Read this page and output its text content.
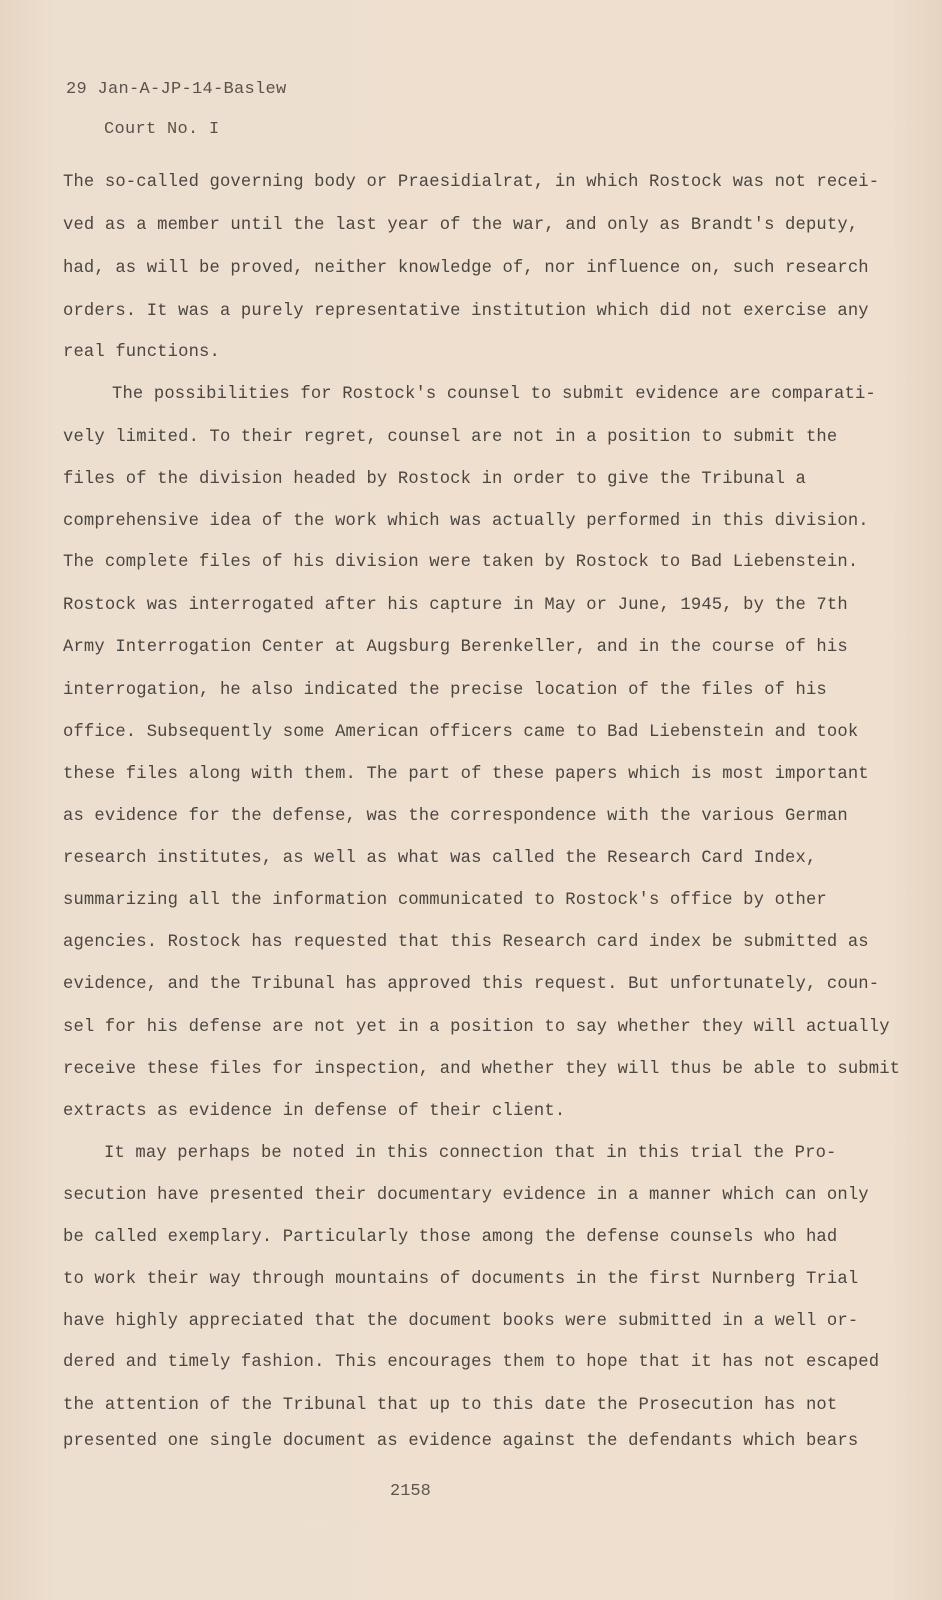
29 Jan-A-JP-14-Baslew
Court No. I
The so-called governing body or Praesidialrat, in which Rostock was not recei-
ved as a member until the last year of the war, and only as Brandt's deputy,
had, as will be proved, neither knowledge of, nor influence on, such research
orders. It was a purely representative institution which did not exercise any
real functions.
The possibilities for Rostock's counsel to submit evidence are comparati-
vely limited. To their regret, counsel are not in a position to submit the
files of the division headed by Rostock in order to give the Tribunal a
comprehensive idea of the work which was actually performed in this division.
The complete files of his division were taken by Rostock to Bad Liebenstein.
Rostock was interrogated after his capture in May or June, 1945, by the 7th
Army Interrogation Center at Augsburg Berenkeller, and in the course of his
interrogation, he also indicated the precise location of the files of his
office. Subsequently some American officers came to Bad Liebenstein and took
these files along with them. The part of these papers which is most important
as evidence for the defense, was the correspondence with the various German
research institutes, as well as what was called the Research Card Index,
summarizing all the information communicated to Rostock's office by other
agencies. Rostock has requested that this Research card index be submitted as
evidence, and the Tribunal has approved this request. But unfortunately, coun-
sel for his defense are not yet in a position to say whether they will actually
receive these files for inspection, and whether they will thus be able to submit
extracts as evidence in defense of their client.
It may perhaps be noted in this connection that in this trial the Pro-
secution have presented their documentary evidence in a manner which can only
be called exemplary. Particularly those among the defense counsels who had
to work their way through mountains of documents in the first Nurnberg Trial
have highly appreciated that the document books were submitted in a well or-
dered and timely fashion. This encourages them to hope that it has not escaped
the attention of the Tribunal that up to this date the Prosecution has not
presented one single document as evidence against the defendants which bears
2158
